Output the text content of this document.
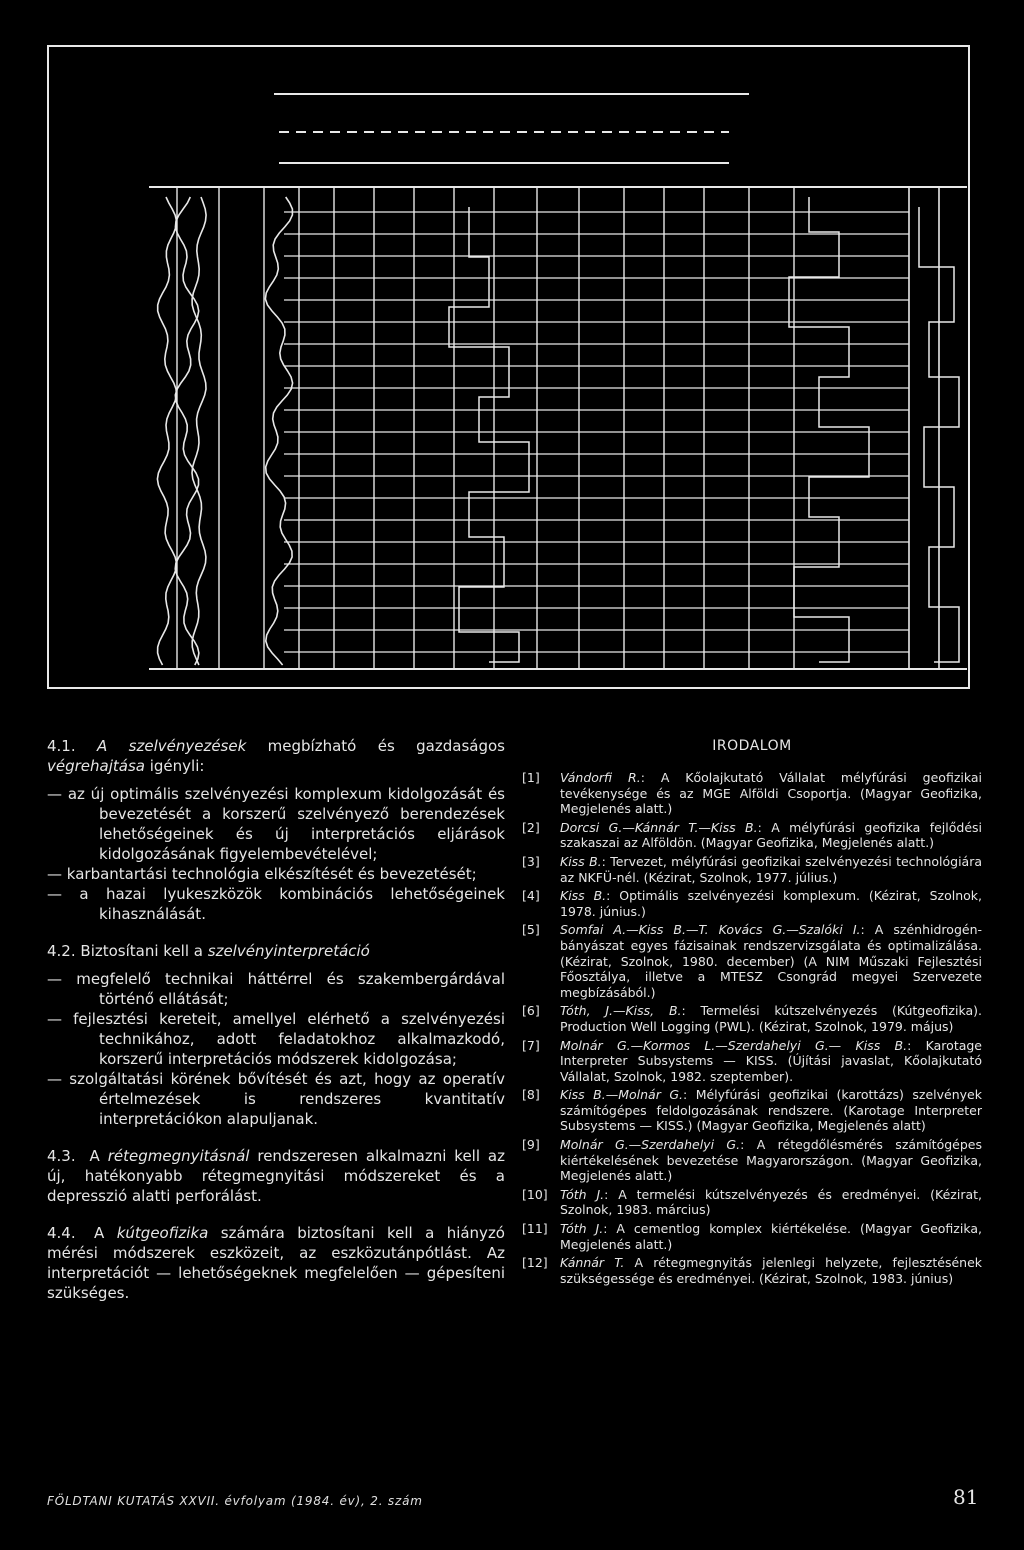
4.1. A szelvényezések megbízható és gazdaságos végrehajtása igényli:

— az új optimális szelvényezési komplexum kidolgozását és bevezetését a korszerű szelvényező berendezések lehetőségeinek és új interpretációs eljárások kidolgozásának figyelembevételével;
— karbantartási technológia elkészítését és bevezetését;
— a hazai lyukeszközök kombinációs lehetőségeinek kihasználását.

4.2. Biztosítani kell a szelvényinterpretáció

— megfelelő technikai háttérrel és szakembergárdával történő ellátását;
— fejlesztési kereteit, amellyel elérhető a szelvényezési technikához, adott feladatokhoz alkalmazkodó, korszerű interpretációs módszerek kidolgozása;
— szolgáltatási körének bővítését és azt, hogy az operatív értelmezések is rendszeres kvantitatív interpretációkon alapuljanak.

4.3. A rétegmegnyitásnál rendszeresen alkalmazni kell az új, hatékonyabb rétegmegnyitási módszereket és a depresszió alatti perforálást.

4.4. A kútgeofizika számára biztosítani kell a hiányzó mérési módszerek eszközeit, az eszközutánpótlást. Az interpretációt — lehetőségeknek megfelelően — gépesíteni szükséges.

IRODALOM
[1]	Vándorfi R.: A Kőolajkutató Vállalat mélyfúrási geofizikai tevékenysége és az MGE Alföldi Csoportja. (Magyar Geofizika, Megjelenés alatt.)
[2]	Dorcsi G.—Kánnár T.—Kiss B.: A mélyfúrási geofizika fejlődési szakaszai az Alföldön. (Magyar Geofizika, Megjelenés alatt.)
[3]	Kiss B.: Tervezet, mélyfúrási geofizikai szelvényezési technológiára az NKFÜ-nél. (Kézirat, Szolnok, 1977. július.)
[4]	Kiss B.: Optimális szelvényezési komplexum. (Kézirat, Szolnok, 1978. június.)
[5]	Somfai A.—Kiss B.—T. Kovács G.—Szalóki I.: A szénhidrogén-bányászat egyes fázisainak rendszervizsgálata és optimalizálása. (Kézirat, Szolnok, 1980. december) (A NIM Műszaki Fejlesztési Főosztálya, illetve a MTESZ Csongrád megyei Szervezete megbízásából.)
[6]	Tóth, J.—Kiss, B.: Termelési kútszelvényezés (Kútgeofizika). Production Well Logging (PWL). (Kézirat, Szolnok, 1979. május)
[7]	Molnár G.—Kormos L.—Szerdahelyi G.— Kiss B.: Karotage Interpreter Subsystems — KISS. (Újítási javaslat, Kőolajkutató Vállalat, Szolnok, 1982. szeptember).
[8]	Kiss B.—Molnár G.: Mélyfúrási geofizikai (karottázs) szelvények számítógépes feldolgozásának rendszere. (Karotage Interpreter Subsystems — KISS.) (Magyar Geofizika, Megjelenés alatt)
[9]	Molnár G.—Szerdahelyi G.: A rétegdőlésmérés számítógépes kiértékelésének bevezetése Magyarországon. (Magyar Geofizika, Megjelenés alatt.)
[10] Tóth J.: A termelési kútszelvényezés és eredményei. (Kézirat, Szolnok, 1983. március)
[11] Tóth J.: A cementlog komplex kiértékelése. (Magyar Geofizika, Megjelenés alatt.)
[12] Kánnár T. A rétegmegnyitás jelenlegi helyzete, fejlesztésének szükségessége és eredményei. (Kézirat, Szolnok, 1983. június)
FÖLDTANI KUTATÁS XXVII. évfolyam (1984. év), 2. szám	81
